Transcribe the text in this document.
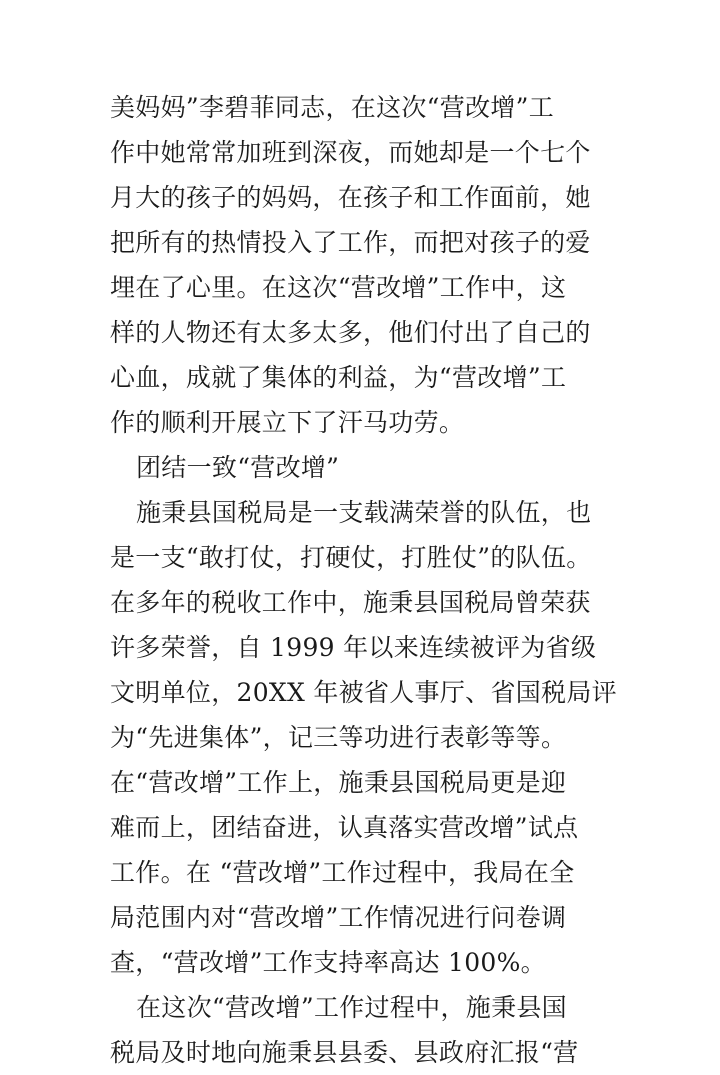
美妈妈”李碧菲同志，在这次“营改增”工
作中她常常加班到深夜，而她却是一个七个
月大的孩子的妈妈，在孩子和工作面前，她
把所有的热情投入了工作，而把对孩子的爱
埋在了心里。在这次“营改增”工作中，这
样的人物还有太多太多，他们付出了自己的
心血，成就了集体的利益，为“营改增”工
作的顺利开展立下了汗马功劳。
团结一致“营改增”
施秉县国税局是一支载满荣誉的队伍，也
是一支“敢打仗，打硬仗，打胜仗”的队伍。
在多年的税收工作中，施秉县国税局曾荣获
许多荣誉，自 1999 年以来连续被评为省级
文明单位，20XX 年被省人事厅、省国税局评
为“先进集体”，记三等功进行表彰等等。
在“营改增”工作上，施秉县国税局更是迎
难而上，团结奋进，认真落实营改增”试点
工作。在 “营改增”工作过程中，我局在全
局范围内对“营改增”工作情况进行问卷调
查，“营改增”工作支持率高达 100%。
在这次“营改增”工作过程中，施秉县国
税局及时地向施秉县县委、县政府汇报“营
